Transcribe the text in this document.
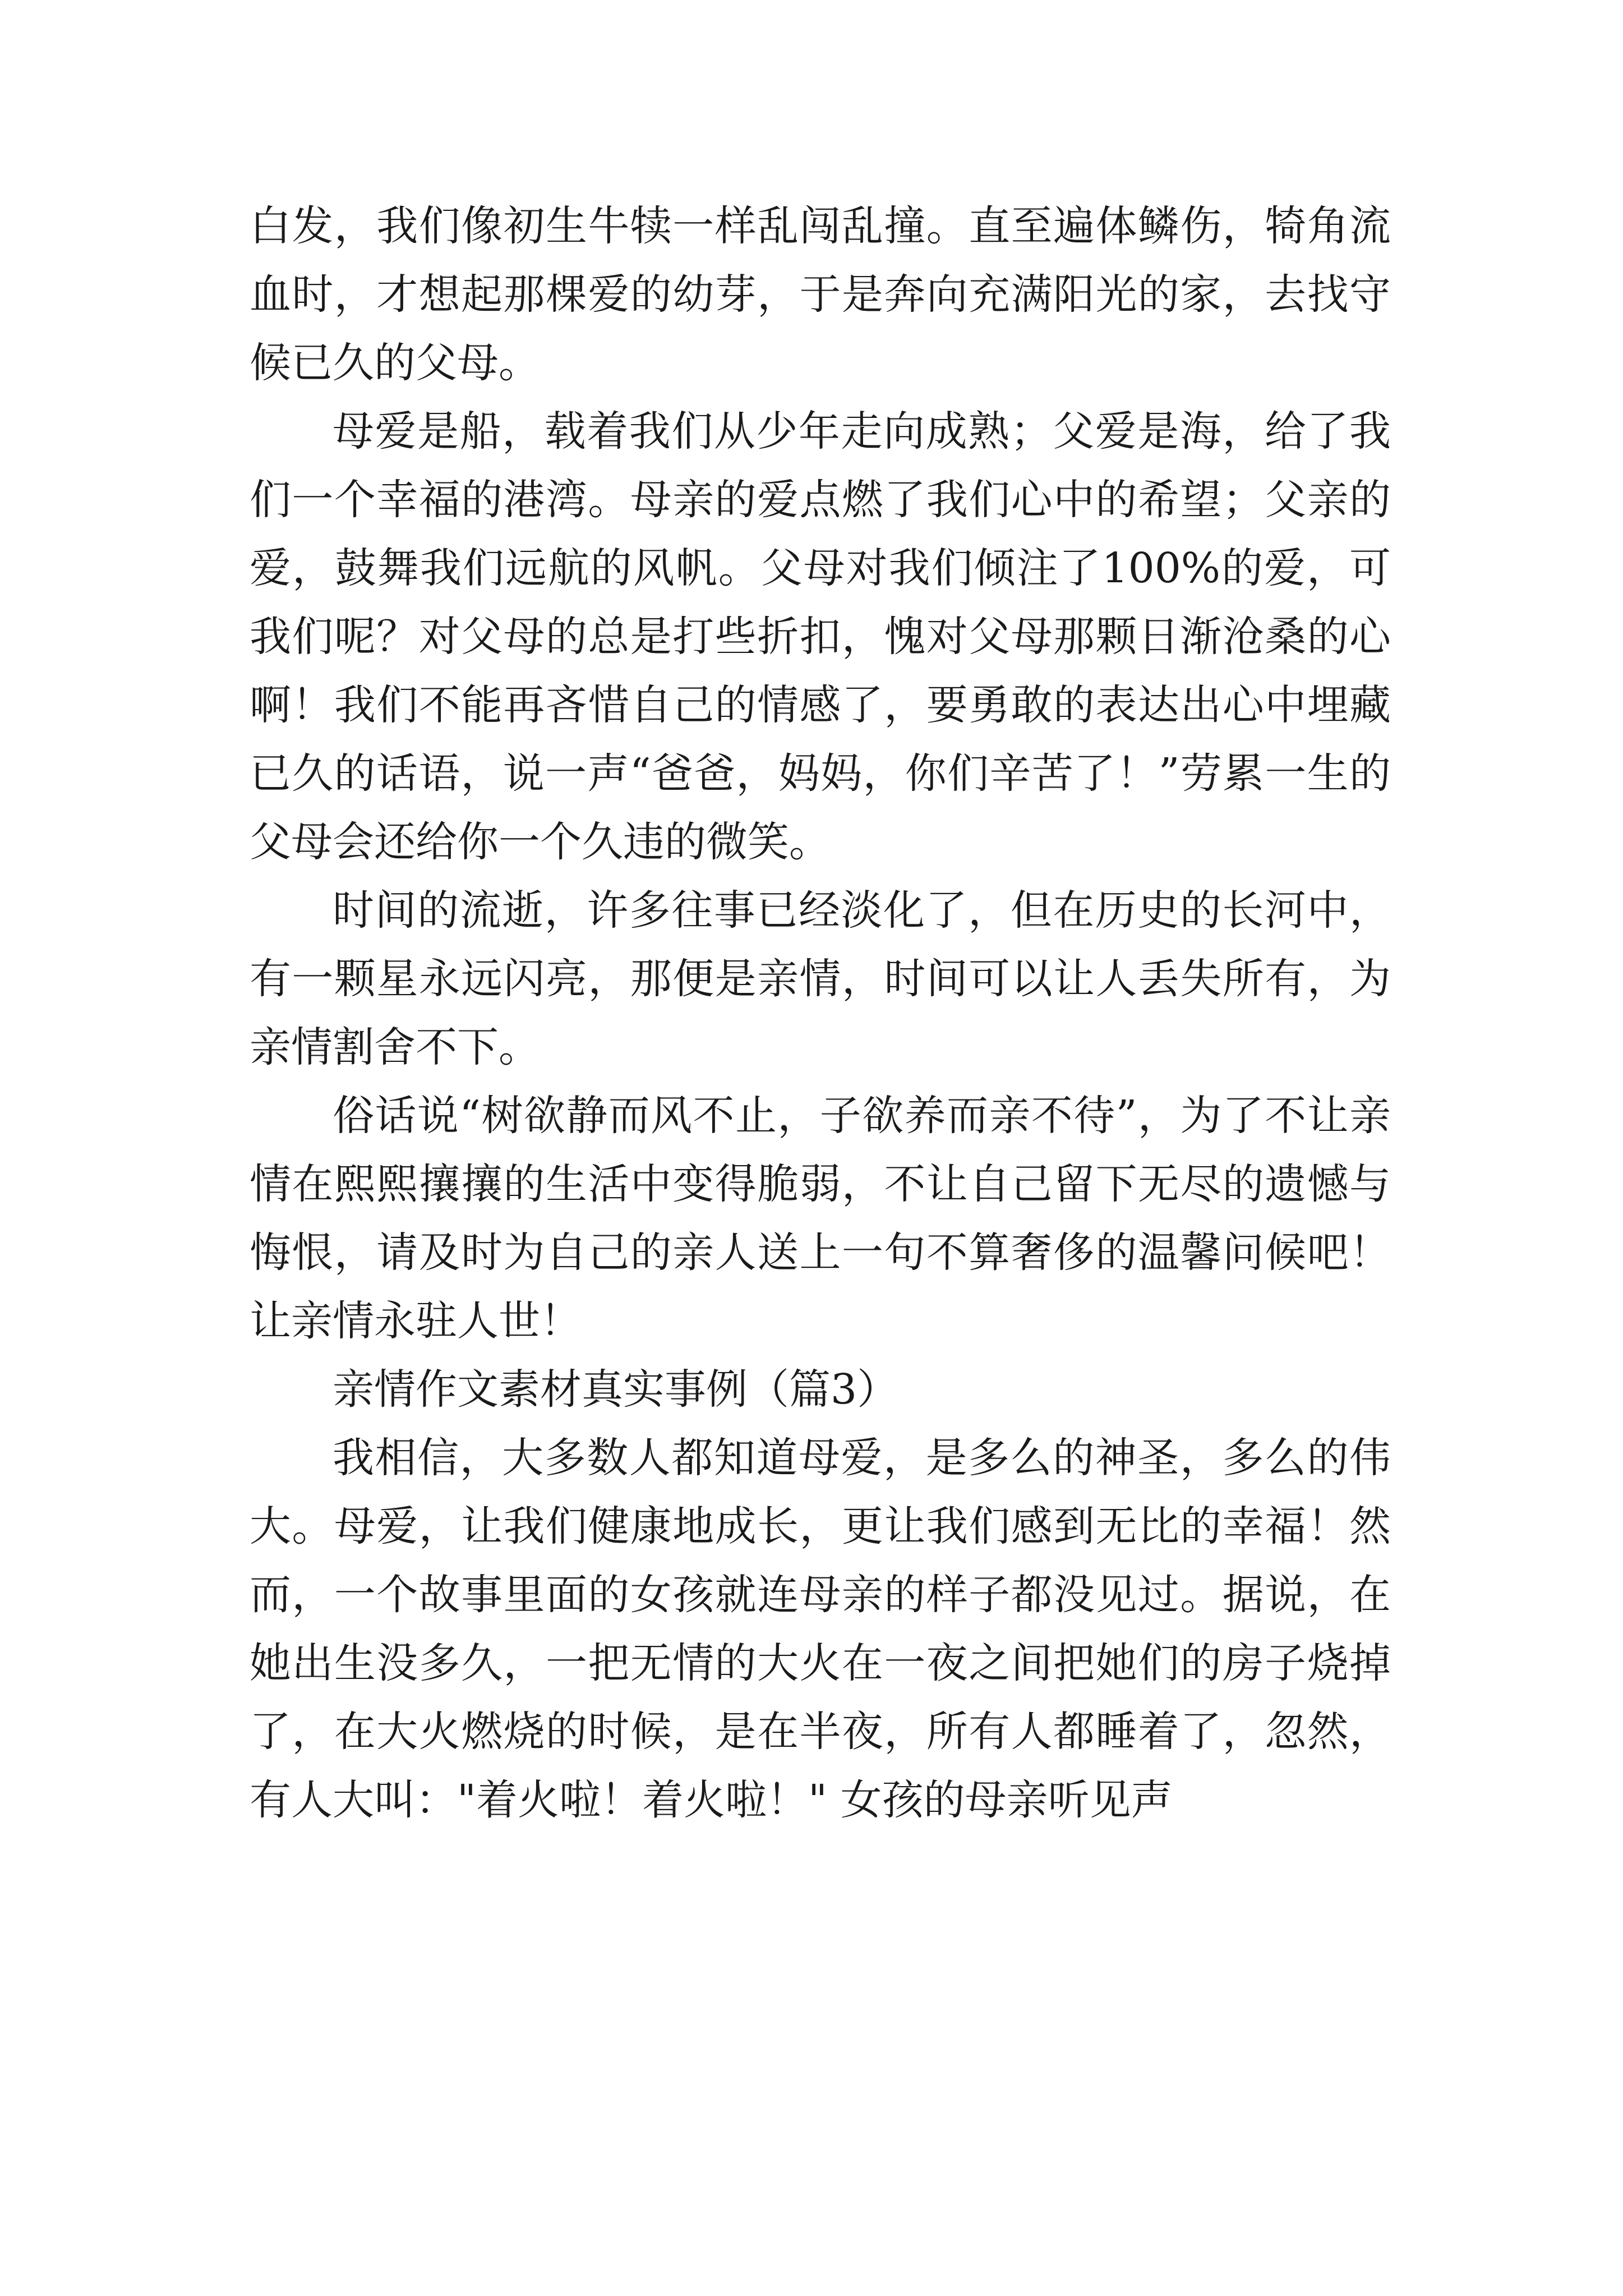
白发，我们像初生牛犊一样乱闯乱撞。直至遍体鳞伤，犄角流血时，才想起那棵爱的幼芽，于是奔向充满阳光的家，去找守候已久的父母。

母爱是船，载着我们从少年走向成熟；父爱是海，给了我们一个幸福的港湾。母亲的爱点燃了我们心中的希望；父亲的爱，鼓舞我们远航的风帆。父母对我们倾注了100%的爱，可我们呢？对父母的总是打些折扣，愧对父母那颗日渐沧桑的心啊！我们不能再吝惜自己的情感了，要勇敢的表达出心中埋藏已久的话语，说一声“爸爸，妈妈，你们辛苦了！”劳累一生的父母会还给你一个久违的微笑。

时间的流逝，许多往事已经淡化了，但在历史的长河中，有一颗星永远闪亮，那便是亲情，时间可以让人丢失所有，为亲情割舍不下。

俗话说“树欲静而风不止，子欲养而亲不待”，为了不让亲情在熙熙攘攘的生活中变得脆弱，不让自己留下无尽的遗憾与悔恨，请及时为自己的亲人送上一句不算奢侈的温馨问候吧！让亲情永驻人世！

亲情作文素材真实事例（篇3）

我相信，大多数人都知道母爱，是多么的神圣，多么的伟大。母爱，让我们健康地成长，更让我们感到无比的幸福！然而，一个故事里面的女孩就连母亲的样子都没见过。据说，在她出生没多久，一把无情的大火在一夜之间把她们的房子烧掉了，在大火燃烧的时候，是在半夜，所有人都睡着了，忽然，有人大叫："着火啦！着火啦！" 女孩的母亲听见声
